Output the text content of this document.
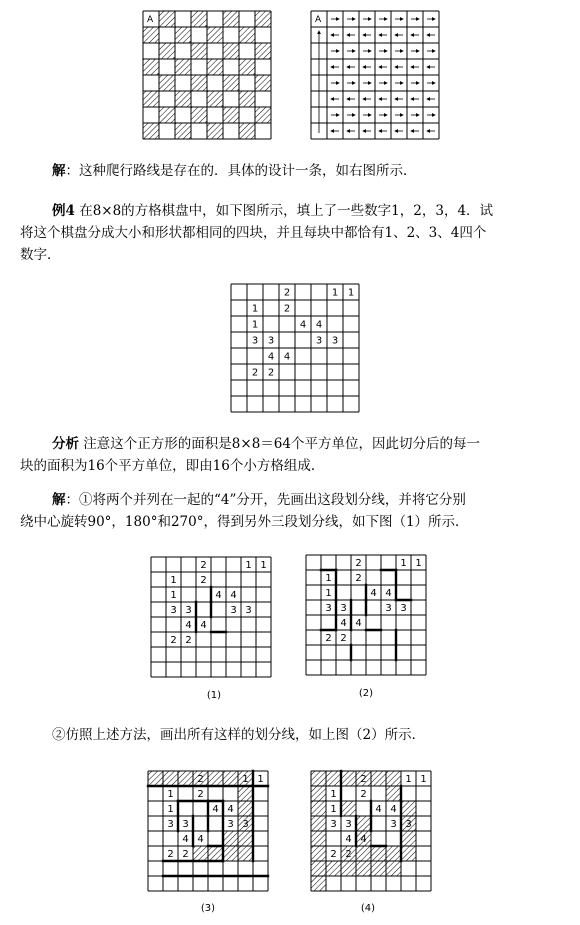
A	A

解：这种爬行路线是存在的．具体的设计一条，如右图所示．

例4 在8×8的方格棋盘中，如下图所示，填上了一些数字1，2，3，4．试
将这个棋盘分成大小和形状都相同的四块，并且每块中都恰有1、2、3、4四个
数字．

2	1 1
1	2
1	4 4
3 3	3 3
4 4
2 2

分析 注意这个正方形的面积是8×8＝64个平方单位，因此切分后的每一
块的面积为16个平方单位，即由16个小方格组成．

解：①将两个并列在一起的“4”分开，先画出这段划分线，并将它分别
绕中心旋转90°，180°和270°，得到另外三段划分线，如下图（1）所示．

2	1 1
1 2
1	4 4
3 3	3 3
4 4
2 2
(1)
2	1 1
1 2
1	4 4
3 3	3 3
4 4
2 2
(2)

②仿照上述方法，画出所有这样的划分线，如上图（2）所示．

2	1 1
1 2
1	4 4
3 3	3 3
4 4
2 2
(3)
2	1 1
1 2
1	4 4
3 3	3 3
4 4
2 2
(4)
